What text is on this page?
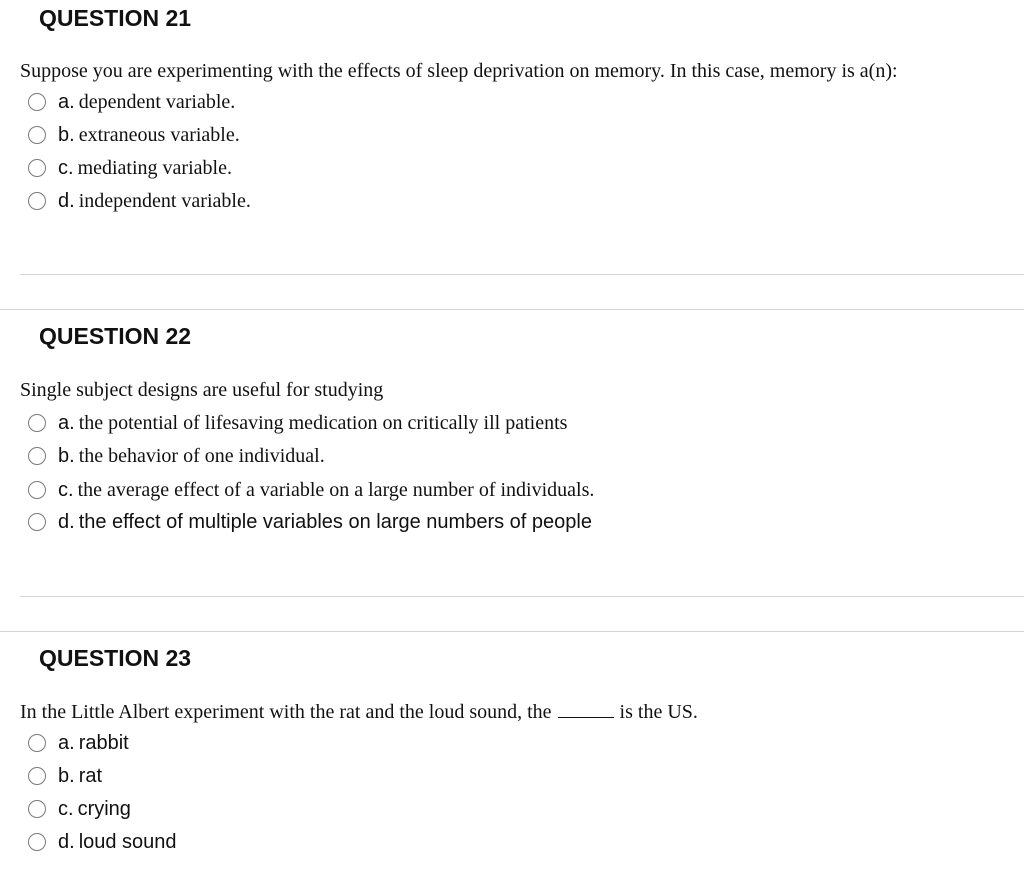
QUESTION 21

Suppose you are experimenting with the effects of sleep deprivation on memory. In this case, memory is a(n):

a. dependent variable.
b. extraneous variable.
c. mediating variable.
d. independent variable.
QUESTION 22

Single subject designs are useful for studying

a. the potential of lifesaving medication on critically ill patients
b. the behavior of one individual.
c. the average effect of a variable on a large number of individuals.
d. the effect of multiple variables on large numbers of people
QUESTION 23

In the Little Albert experiment with the rat and the loud sound, the	is the US.

a. rabbit
b. rat
c. crying
d. loud sound
